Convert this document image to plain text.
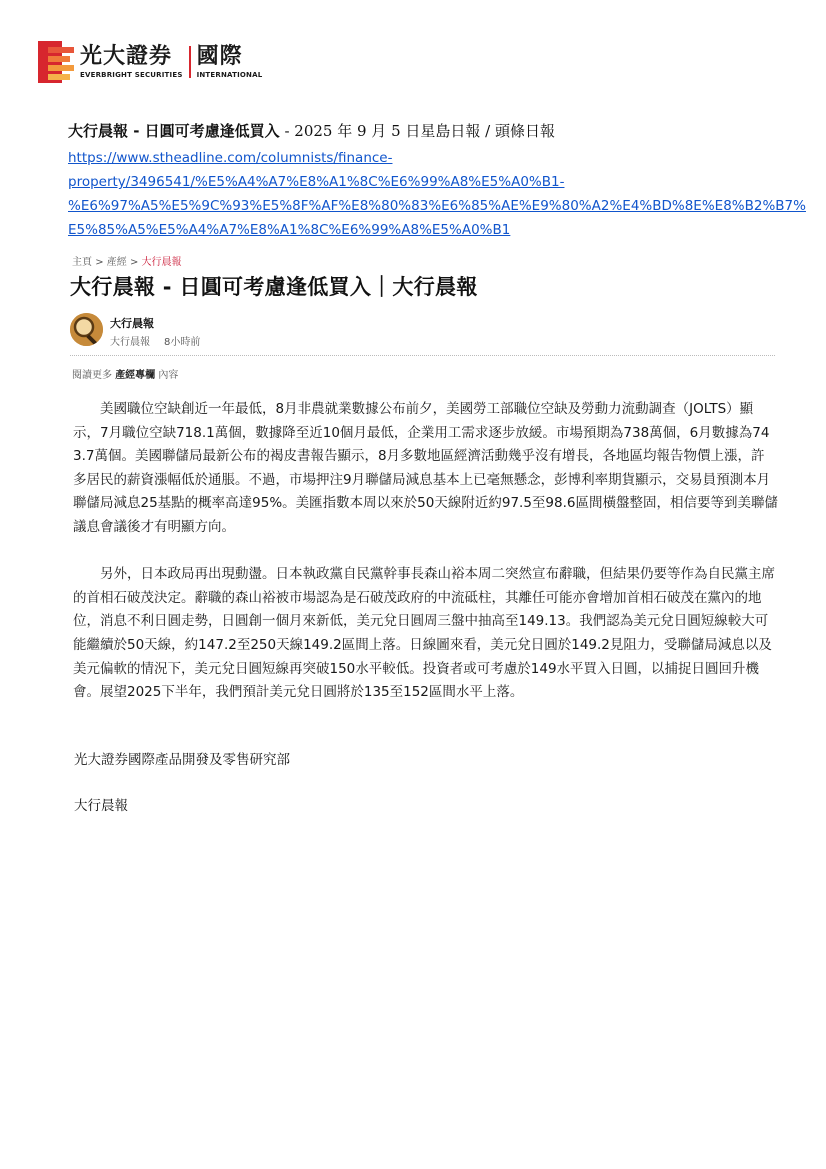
光大證券
EVERBRIGHT SECURITIES
國際
INTERNATIONAL
大行晨報 - 日圓可考慮逢低買入 - 2025 年 9 月 5 日星島日報 / 頭條日報
https://www.stheadline.com/columnists/finance-
property/3496541/%E5%A4%A7%E8%A1%8C%E6%99%A8%E5%A0%B1-
%E6%97%A5%E5%9C%93%E5%8F%AF%E8%80%83%E6%85%AE%E9%80%A2%E4%BD%8E%E8%B2%B7%
E5%85%A5%E5%A4%A7%E8%A1%8C%E6%99%A8%E5%A0%B1
主頁 > 產經 > 大行晨報
大行晨報 - 日圓可考慮逢低買入｜大行晨報
大行晨報
大行晨報 8小時前
閱讀更多 產經專欄 內容

美國職位空缺創近一年最低，8月非農就業數據公布前夕，美國勞工部職位空缺及勞動力流動調查（JOLTS）顯示，7月職位空缺718.1萬個，數據降至近10個月最低，企業用工需求逐步放緩。市場預期為738萬個，6月數據為743.7萬個。美國聯儲局最新公布的褐皮書報告顯示，8月多數地區經濟活動幾乎沒有增長，各地區均報告物價上漲，許多居民的薪資漲幅低於通脹。不過，市場押注9月聯儲局減息基本上已毫無懸念，彭博利率期貨顯示，交易員預測本月聯儲局減息25基點的概率高達95%。美匯指數本周以來於50天線附近約97.5至98.6區間橫盤整固，相信要等到美聯儲議息會議後才有明顯方向。

另外，日本政局再出現動盪。日本執政黨自民黨幹事長森山裕本周二突然宣布辭職，但結果仍要等作為自民黨主席的首相石破茂決定。辭職的森山裕被市場認為是石破茂政府的中流砥柱，其離任可能亦會增加首相石破茂在黨內的地位，消息不利日圓走勢，日圓創一個月來新低，美元兌日圓周三盤中抽高至149.13。我們認為美元兌日圓短線較大可能繼續於50天線，約147.2至250天線149.2區間上落。日線圖來看，美元兌日圓於149.2見阻力，受聯儲局減息以及美元偏軟的情況下，美元兌日圓短線再突破150水平較低。投資者或可考慮於149水平買入日圓，以捕捉日圓回升機會。展望2025下半年，我們預計美元兌日圓將於135至152區間水平上落。

光大證券國際產品開發及零售研究部
大行晨報
